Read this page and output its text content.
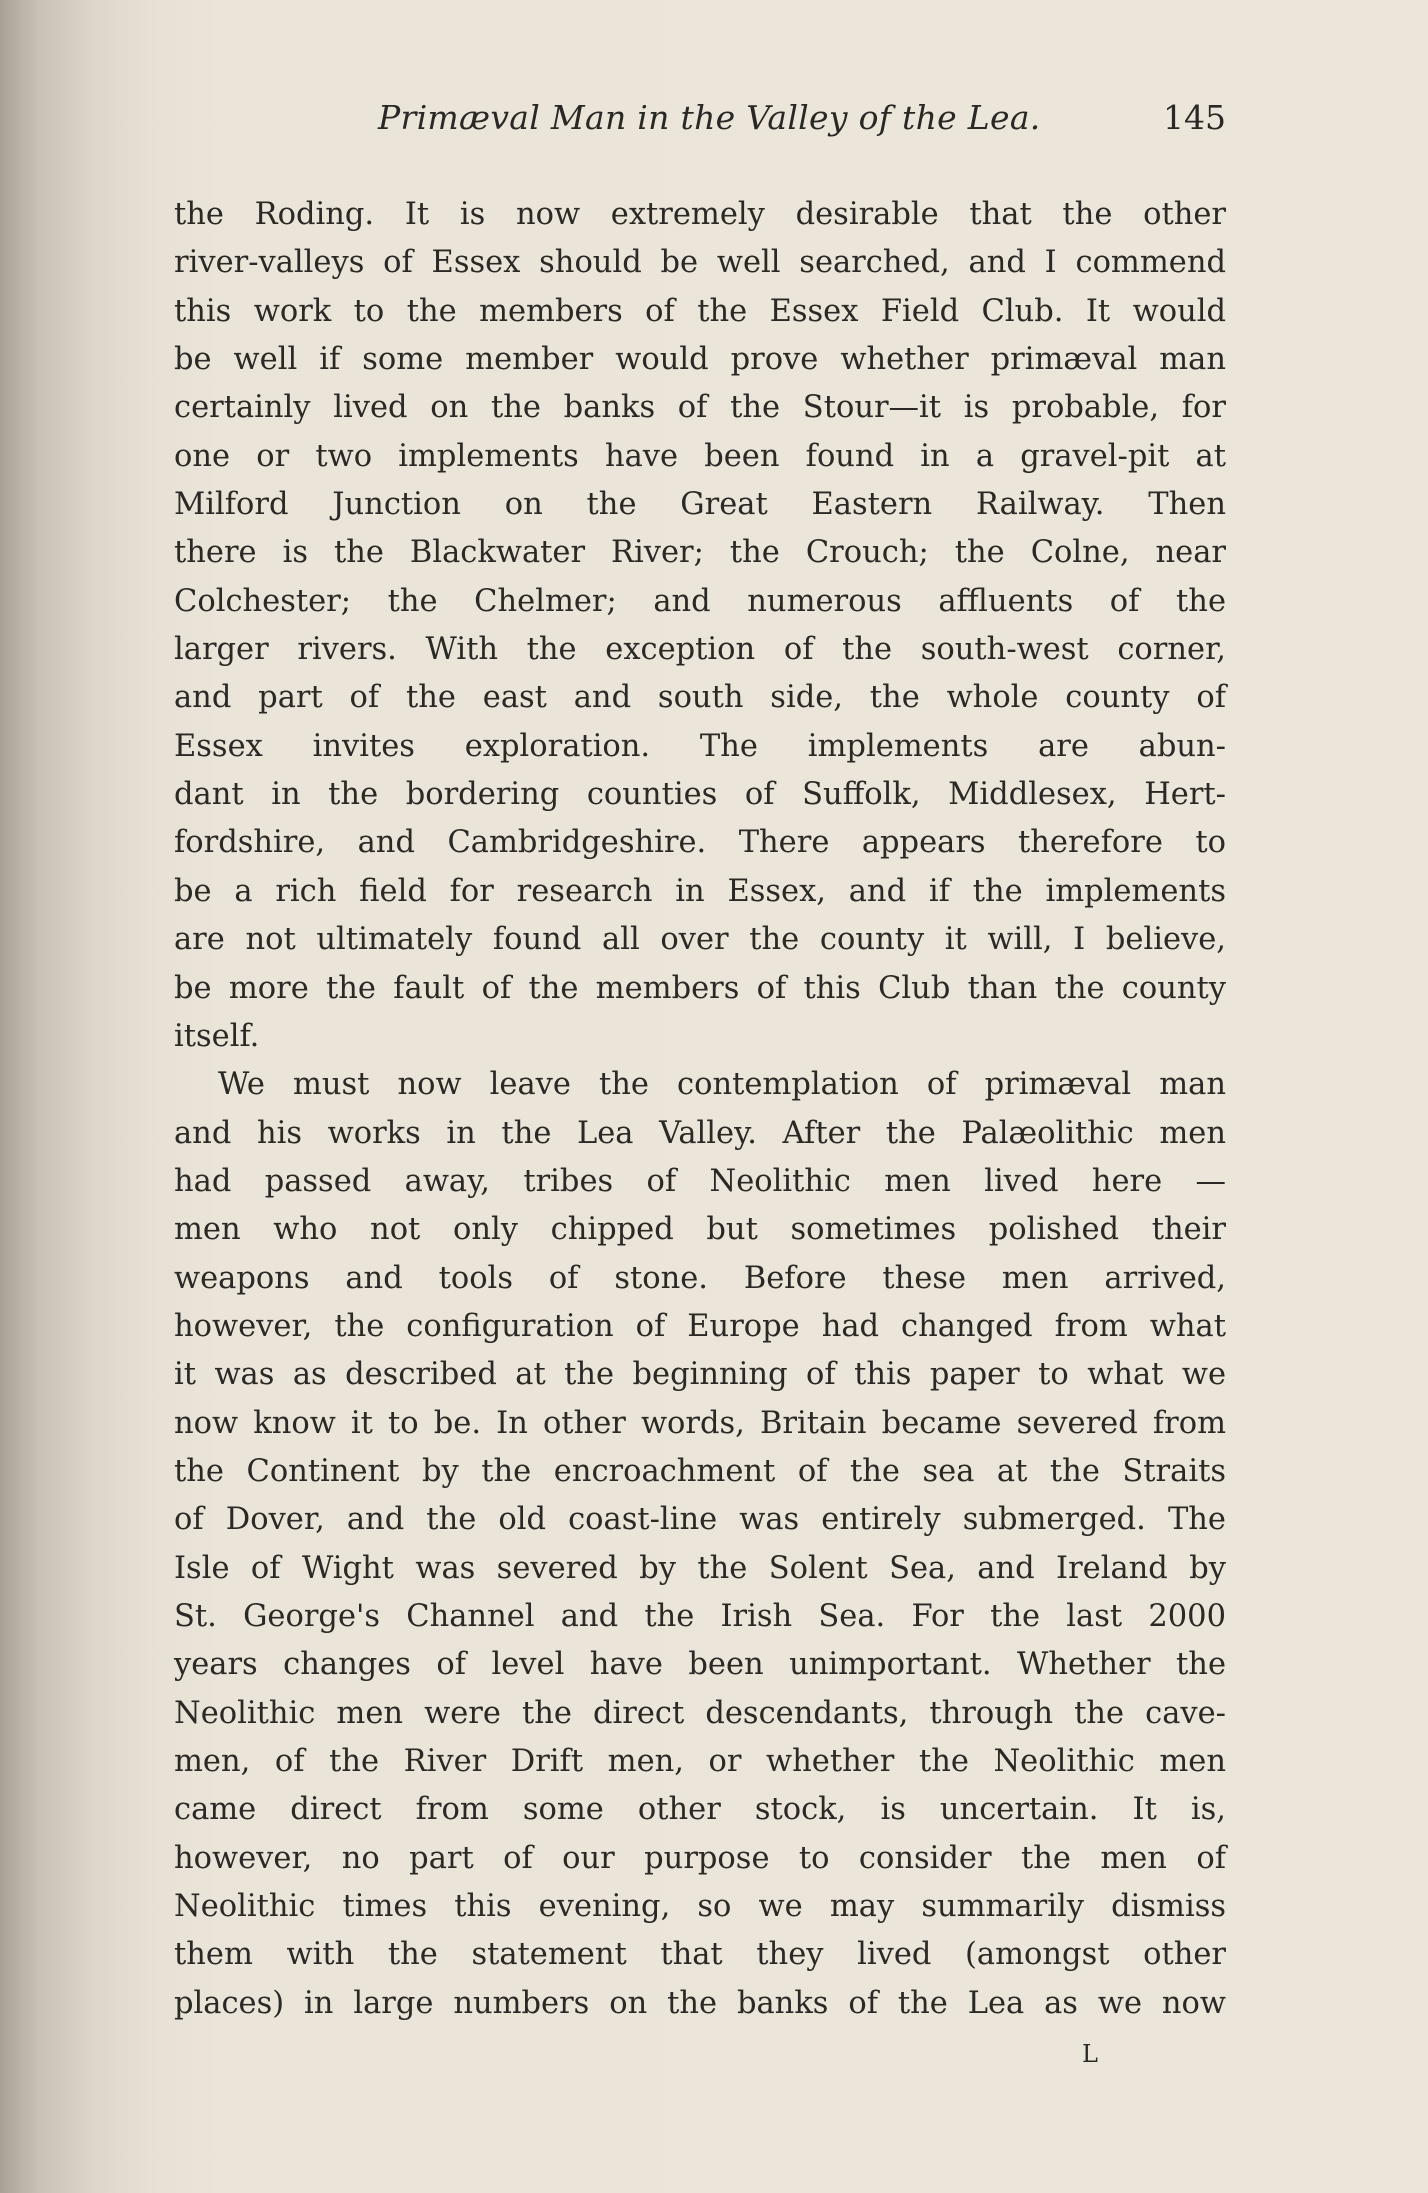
Primæval Man in the Valley of the Lea.	145
the Roding. It is now extremely desirable that the other
river-valleys of Essex should be well searched, and I commend
this work to the members of the Essex Field Club. It would
be well if some member would prove whether primæval man
certainly lived on the banks of the Stour—it is probable, for
one or two implements have been found in a gravel-pit at
Milford Junction on the Great Eastern Railway. Then
there is the Blackwater River; the Crouch; the Colne, near
Colchester; the Chelmer; and numerous affluents of the
larger rivers. With the exception of the south-west corner,
and part of the east and south side, the whole county of
Essex invites exploration. The implements are abun-
dant in the bordering counties of Suffolk, Middlesex, Hert-
fordshire, and Cambridgeshire. There appears therefore to
be a rich field for research in Essex, and if the implements
are not ultimately found all over the county it will, I believe,
be more the fault of the members of this Club than the county
itself.
We must now leave the contemplation of primæval man
and his works in the Lea Valley. After the Palæolithic men
had passed away, tribes of Neolithic men lived here —
men who not only chipped but sometimes polished their
weapons and tools of stone. Before these men arrived,
however, the configuration of Europe had changed from what
it was as described at the beginning of this paper to what we
now know it to be. In other words, Britain became severed from
the Continent by the encroachment of the sea at the Straits
of Dover, and the old coast-line was entirely submerged. The
Isle of Wight was severed by the Solent Sea, and Ireland by
St. George's Channel and the Irish Sea. For the last 2000
years changes of level have been unimportant. Whether the
Neolithic men were the direct descendants, through the cave-
men, of the River Drift men, or whether the Neolithic men
came direct from some other stock, is uncertain. It is,
however, no part of our purpose to consider the men of
Neolithic times this evening, so we may summarily dismiss
them with the statement that they lived (amongst other
places) in large numbers on the banks of the Lea as we now
L
